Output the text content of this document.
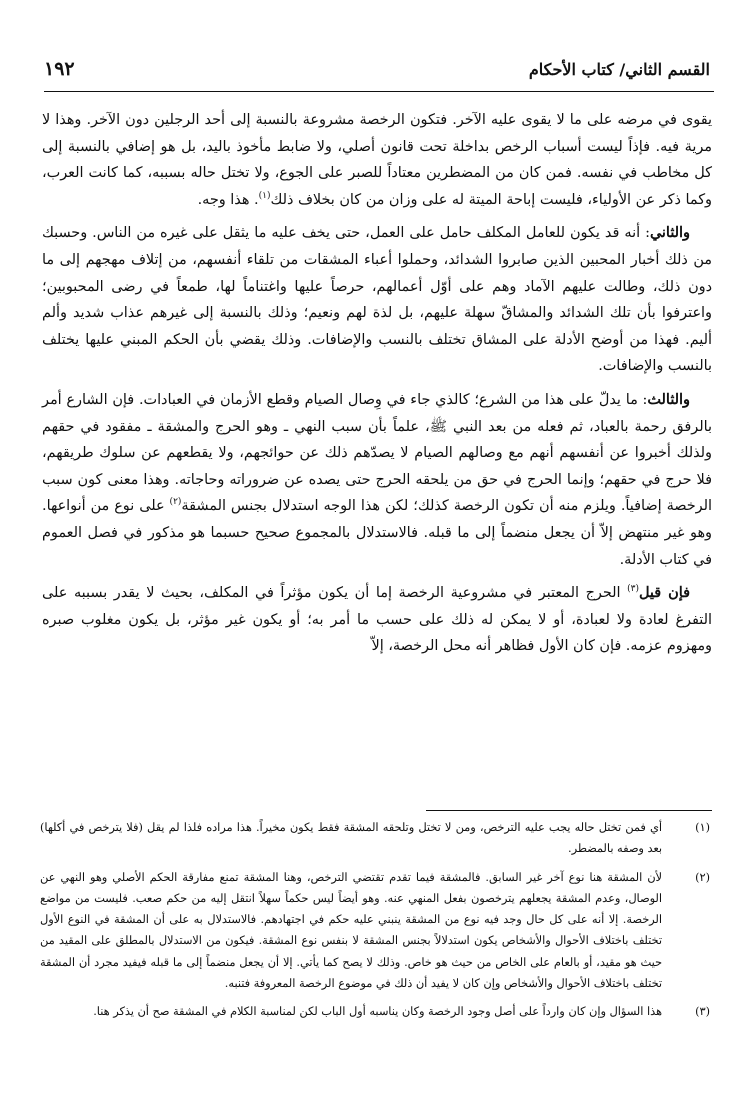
القسم الثاني/ كتاب الأحكام
١٩٢

يقوى في مرضه على ما لا يقوى عليه الآخر. فتكون الرخصة مشروعة بالنسبة إلى أحد الرجلين دون الآخر. وهذا لا مرية فيه. فإذاً ليست أسباب الرخص بداخلة تحت قانون أصلي، ولا ضابط مأخوذ باليد، بل هو إضافي بالنسبة إلى كل مخاطب في نفسه. فمن كان من المضطرين معتاداً للصبر على الجوع، ولا تختل حاله بسببه، كما كانت العرب، وكما ذكر عن الأولياء، فليست إباحة الميتة له على وزان من كان بخلاف ذلك$^{(١)}$. هذا وجه.

والثاني: أنه قد يكون للعامل المكلف حامل على العمل، حتى يخف عليه ما يثقل على غيره من الناس. وحسبك من ذلك أخبار المحبين الذين صابروا الشدائد، وحملوا أعباء المشقات من تلقاء أنفسهم، من إتلاف مهجهم إلى ما دون ذلك، وطالت عليهم الآماد وهم على أوّل أعمالهم، حرصاً عليها واغتناماً لها، طمعاً في رضى المحبوبين؛ واعترفوا بأن تلك الشدائد والمشاقّ سهلة عليهم، بل لذة لهم ونعيم؛ وذلك بالنسبة إلى غيرهم عذاب شديد وألم أليم. فهذا من أوضح الأدلة على المشاق تختلف بالنسب والإضافات. وذلك يقضي بأن الحكم المبني عليها يختلف بالنسب والإضافات.

والثالث: ما يدلّ على هذا من الشرع؛ كالذي جاء في وِصال الصيام وقطع الأزمان في العبادات. فإن الشارع أمر بالرفق رحمة بالعباد، ثم فعله من بعد النبي ﷺ، علماً بأن سبب النهي ـ وهو الحرج والمشقة ـ مفقود في حقهم ولذلك أخبروا عن أنفسهم أنهم مع وصالهم الصيام لا يصدّهم ذلك عن حوائجهم، ولا يقطعهم عن سلوك طريقهم، فلا حرج في حقهم؛ وإنما الحرج في حق من يلحقه الحرج حتى يصده عن ضروراته وحاجاته. وهذا معنى كون سبب الرخصة إضافياً. ويلزم منه أن تكون الرخصة كذلك؛ لكن هذا الوجه استدلال بجنس المشقة$^{(٢)}$ على نوع من أنواعها. وهو غير منتهض إلاّ أن يجعل منضماً إلى ما قبله. فالاستدلال بالمجموع صحيح حسبما هو مذكور في فصل العموم في كتاب الأدلة.

فإن قيل$^{(٣)}$ الحرج المعتبر في مشروعية الرخصة إما أن يكون مؤثراً في المكلف، بحيث لا يقدر بسببه على التفرغ لعادة ولا لعبادة، أو لا يمكن له ذلك على حسب ما أمر به؛ أو يكون غير مؤثر، بل يكون مغلوب صبره ومهزوم عزمه. فإن كان الأول فظاهر أنه محل الرخصة، إلاّ

(١)
أي فمن تختل حاله يجب عليه الترخص، ومن لا تختل وتلحقه المشقة فقط يكون مخيراً. هذا مراده فلذا لم يقل (فلا يترخص في أكلها) بعد وصفه بالمضطر.
(٢)
لأن المشقة هنا نوع آخر غير السابق. فالمشقة فيما تقدم تقتضي الترخص، وهنا المشقة تمنع مفارقة الحكم الأصلي وهو النهي عن الوصال، وعدم المشقة يجعلهم يترخصون بفعل المنهي عنه. وهو أيضاً ليس حكماً سهلاً انتقل إليه من حكم صعب. فليست من مواضع الرخصة. إلا أنه على كل حال وجد فيه نوع من المشقة ينبني عليه حكم في اجتهادهم. فالاستدلال به على أن المشقة في النوع الأول تختلف باختلاف الأحوال والأشخاص يكون استدلالاً بجنس المشقة لا بنفس نوع المشقة. فيكون من الاستدلال بالمطلق على المقيد من حيث هو مقيد، أو بالعام على الخاص من حيث هو خاص. وذلك لا يصح كما يأتي. إلا أن يجعل منضماً إلى ما قبله فيفيد مجرد أن المشقة تختلف باختلاف الأحوال والأشخاص وإن كان لا يفيد أن ذلك في موضوع الرخصة المعروفة فتنبه.
(٣)
هذا السؤال وإن كان وارداً على أصل وجود الرخصة وكان يناسبه أول الباب لكن لمناسبة الكلام في المشقة صح أن يذكر هنا.
